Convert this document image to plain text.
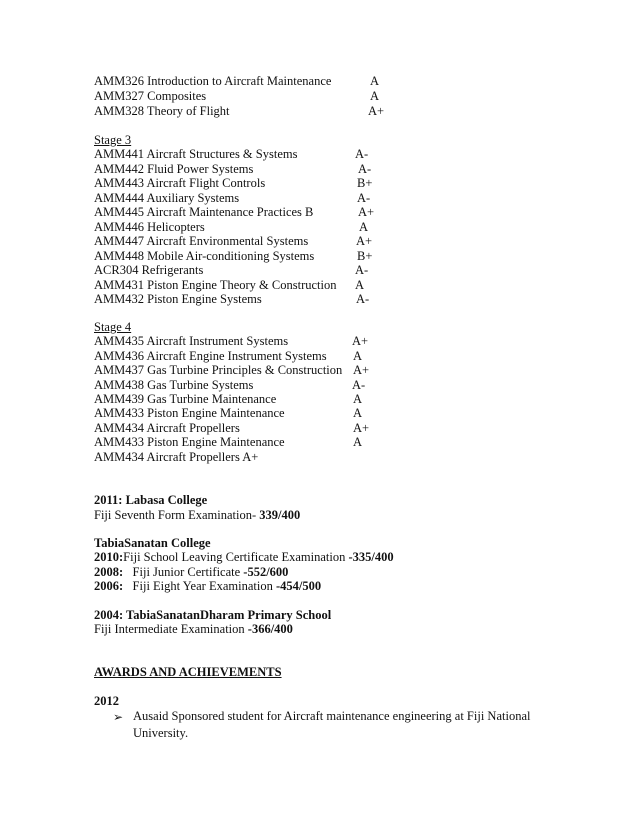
AMM326 Introduction to Aircraft Maintenance	A
AMM327 Composites	A
AMM328 Theory of Flight	A+
Stage 3
AMM441 Aircraft Structures & Systems	A-
AMM442 Fluid Power Systems	A-
AMM443 Aircraft Flight Controls	B+
AMM444 Auxiliary Systems	A-
AMM445 Aircraft Maintenance Practices B	A+
AMM446 Helicopters	A
AMM447 Aircraft Environmental Systems	A+
AMM448 Mobile Air-conditioning Systems	B+
ACR304 Refrigerants	A-
AMM431 Piston Engine Theory & Construction A
AMM432 Piston Engine Systems	A-
Stage 4
AMM435 Aircraft Instrument Systems	A+
AMM436 Aircraft Engine Instrument Systems A
AMM437 Gas Turbine Principles & Construction A+
AMM438 Gas Turbine Systems	A-
AMM439 Gas Turbine Maintenance	A
AMM433 Piston Engine Maintenance	A
AMM434 Aircraft Propellers	A+
AMM433 Piston Engine Maintenance	A
AMM434 Aircraft Propellers A+
2011: Labasa College
Fiji Seventh Form Examination- 339/400
TabiaSanatan College
2010:Fiji School Leaving Certificate Examination -335/400
2008: Fiji Junior Certificate -552/600
2006: Fiji Eight Year Examination -454/500
2004: TabiaSanatanDharam Primary School
Fiji Intermediate Examination -366/400
AWARDS AND ACHIEVEMENTS
2012
➢ Ausaid Sponsored student for Aircraft maintenance engineering at Fiji National University.
